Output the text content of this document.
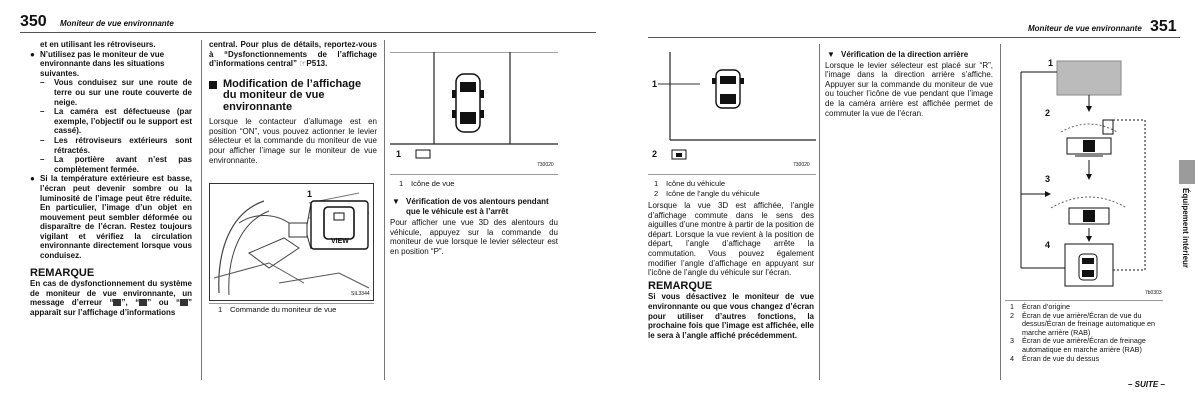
350 Moniteur de vue environnante
et en utilisant les rétroviseurs.
● N’utilisez pas le moniteur de vue environnante dans les situations suivantes.
– Vous conduisez sur une route de terre ou sur une route couverte de neige.
– La caméra est défectueuse (par exemple, l’objectif ou le support est cassé).
– Les rétroviseurs extérieurs sont rétractés.
– La portière avant n’est pas complètement fermée.
● Si la température extérieure est basse, l’écran peut devenir sombre ou la luminosité de l’image peut être réduite. En particulier, l’image d’un objet en mouvement peut sembler déformée ou disparaître de l’écran. Restez toujours vigilant et vérifiez la circulation environnante directement lorsque vous conduisez.
REMARQUE
En cas de dysfonctionnement du système de moniteur de vue environnante, un message d’erreur “ ”, “ ” ou “ ” apparaît sur l’affichage d’informations
central. Pour plus de détails, reportez-vous à “Dysfonctionnements de l’affichage d’informations central” ☞P513.
Modification de l’affichage du moniteur de vue environnante
Lorsque le contacteur d’allumage est en position “ON”, vous pouvez actionner le levier sélecteur et la commande du moniteur de vue pour afficher l’image sur le moniteur de vue environnante.
1
VIEW
SIL3344
1 Commande du moniteur de vue
1
730020
1 Icône de vue
▼ Vérification de vos alentours pendant que le véhicule est à l’arrêt
Pour afficher une vue 3D des alentours du véhicule, appuyez sur la commande du moniteur de vue lorsque le levier sélecteur est en position “P”.
Moniteur de vue environnante 351
1
2
730020
1 Icône du véhicule
2 Icône de l’angle du véhicule
Lorsque la vue 3D est affichée, l’angle d’affichage commute dans le sens des aiguilles d’une montre à partir de la position de départ. Lorsque la vue revient à la position de départ, l’angle d’affichage arrête la commutation. Vous pouvez également modifier l’angle d’affichage en appuyant sur l’icône de l’angle du véhicule sur l’écran.
REMARQUE
Si vous désactivez le moniteur de vue environnante ou que vous changez d’écran pour utiliser d’autres fonctions, la prochaine fois que l’image est affichée, elle le sera à l’angle affiché précédemment.
▼ Vérification de la direction arrière
Lorsque le levier sélecteur est placé sur “R”, l’image dans la direction arrière s’affiche. Appuyer sur la commande du moniteur de vue ou toucher l’icône de vue pendant que l’image de la caméra arrière est affichée permet de commuter la vue de l’écran.
1
2
3
4
7b0303
1 Écran d’origine
2 Écran de vue arrière/Écran de vue du dessus/Écran de freinage automatique en marche arrière (RAB)
3 Écran de vue arrière/Écran de freinage automatique en marche arrière (RAB)
4 Écran de vue du dessus
Équipement intérieur
– SUITE –
